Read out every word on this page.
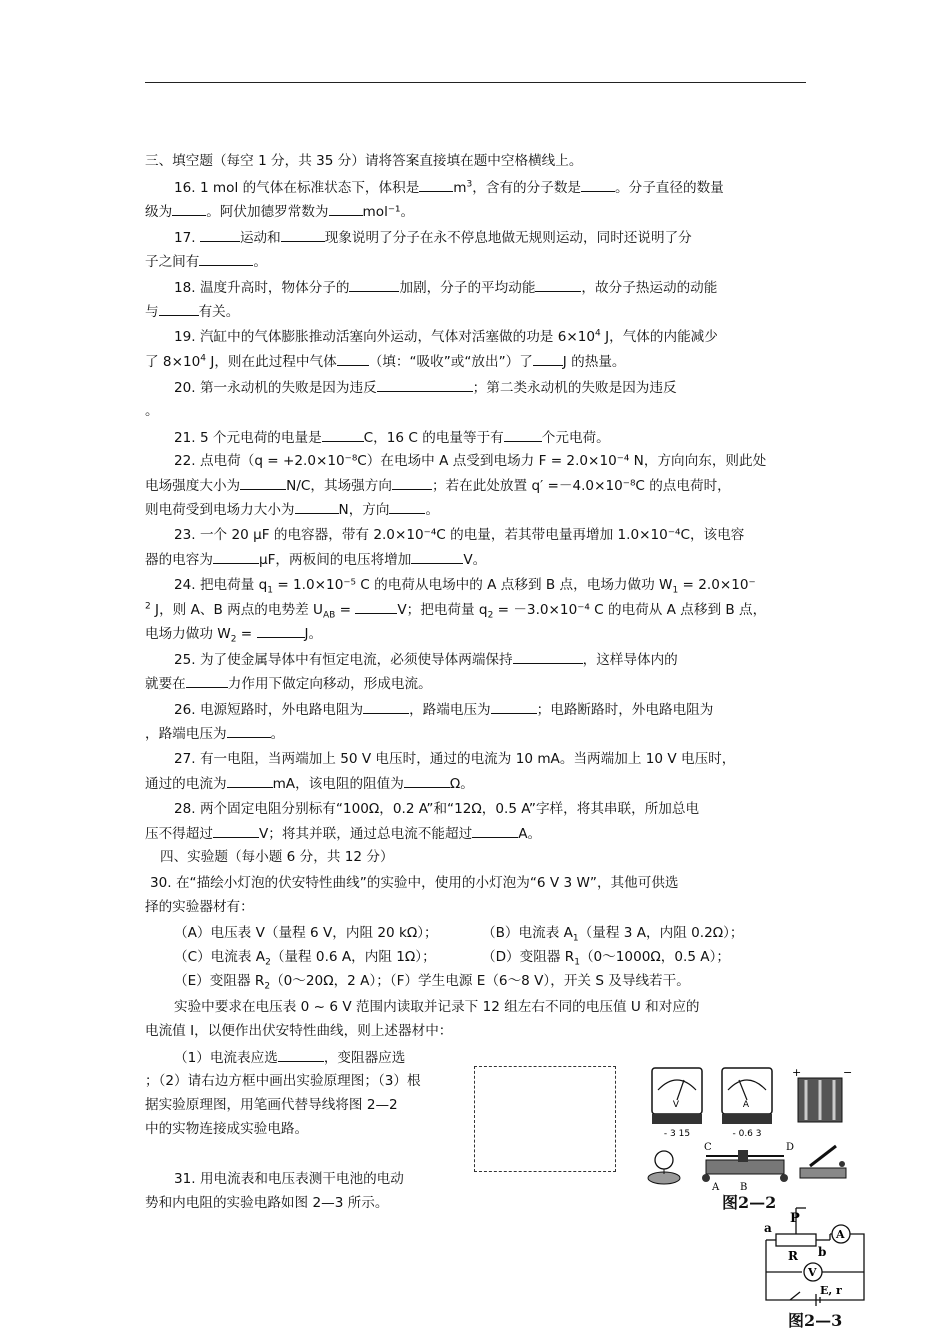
三、填空题（每空 1 分，共 35 分）请将答案直接填在题中空格横线上。
16. 1 mol 的气体在标准状态下，体积是	$m^3$，含有的分子数是	。分子直径的数量
级为	。阿伏加德罗常数为	mol⁻¹。
17.	运动和	现象说明了分子在永不停息地做无规则运动，同时还说明了分
子之间有	。
18. 温度升高时，物体分子的	加剧，分子的平均动能	，故分子热运动的动能
与	有关。
19. 汽缸中的气体膨胀推动活塞向外运动，气体对活塞做的功是 $6\times 10^4$ J，气体的内能减少
了 $8\times 10^4$ J，则在此过程中气体 （填：“吸收”或“放出”）了 J 的热量。
20. 第一永动机的失败是因为违反	；第二类永动机的失败是因为违反
。
21. 5 个元电荷的电量是	C，16 C 的电量等于有	个元电荷。
22. 点电荷（q = +2.0×10⁻⁸C）在电场中 A 点受到电场力 F = 2.0×10⁻⁴ N，方向向东，则此处
电场强度大小为	N/C，其场强方向	；若在此处放置 q′ =－4.0×10⁻⁸C 的点电荷时，
则电荷受到电场力大小为	N，方向	。
23. 一个 20 μF 的电容器，带有 2.0×10⁻⁴C 的电量，若其带电量再增加 1.0×10⁻⁴C，该电容
器的电容为	μF，两板间的电压将增加	V。
24. 把电荷量 $q_1 = 1.0\times 10^{-5}$ C 的电荷从电场中的 A 点移到 B 点，电场力做功 $W_1 = 2.0\times 10^-$
$^2$ J，则 A、B 两点的电势差 $U_{AB}$ =	V；把电荷量 $q_2 = -3.0\times 10^{-4}$ C 的电荷从 A 点移到 B 点，
电场力做功 $W_2$ =	J。
25. 为了使金属导体中有恒定电流，必须使导体两端保持	，这样导体内的
就要在	力作用下做定向移动，形成电流。
26. 电源短路时，外电路电阻为	，路端电压为	；电路断路时，外电路电阻为
，路端电压为	。
27. 有一电阻，当两端加上 50 V 电压时，通过的电流为 10 mA。当两端加上 10 V 电压时，
通过的电流为	mA，该电阻的阻值为	Ω。
28. 两个固定电阻分别标有“100Ω，0.2 A”和“12Ω，0.5 A”字样，将其串联，所加总电
压不得超过	V；将其并联，通过总电流不能超过	A。
四、实验题（每小题 6 分，共 12 分）
30. 在“描绘小灯泡的伏安特性曲线”的实验中，使用的小灯泡为“6 V 3 W”，其他可供选
择的实验器材有：
（A）电压表 V（量程 6 V，内阻 20 kΩ）；	（B）电流表 $A_1$（量程 3 A，内阻 0.2Ω）；
（C）电流表 $A_2$（量程 0.6 A，内阻 1Ω）；	（D）变阻器 $R_1(0\sim 1000\Omega$，0.5 A）；
（E）变阻器 $R_2(0\sim 20\Omega$，2 A）；（F）学生电源 E（6～8 V），开关 S 及导线若干。
实验中要求在电压表 0 ~ 6 V 范围内读取并记录下 12 组左右不同的电压值 U 和对应的
电流值 I，以便作出伏安特性曲线，则上述器材中：
（1）电流表应选	，变阻器应选
；（2）请右边方框中画出实验原理图；（3）根
据实验原理图，用笔画代替导线将图 2—2
中的实物连接成实验电路。
31. 用电流表和电压表测干电池的电动
势和内电阻的实验电路如图 2—3 所示。
V
- 3 15
A
- 0.6 3
+	−
C	D
A B
图2—2
P
a
R b
A
V
E, r
图2—3
